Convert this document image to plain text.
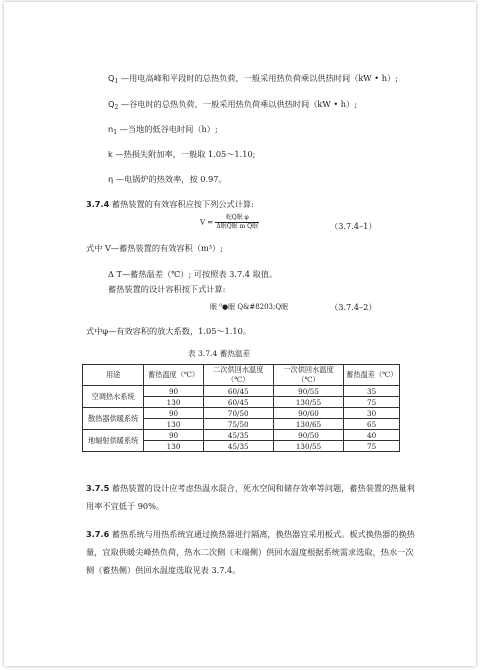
$Q_1$ —用电高峰和平段时的总热负荷，一般采用热负荷乘以供热时间（kW • h）;
$Q_2$ —谷电时的总热负荷，一般采用热负荷乘以供热时间（kW • h）;
$n_1$ —当地的低谷电时间（h）;
k —热损失附加率，一般取 1.05～1.10;
η —电锅炉的热效率，按 0.97。
3.7.4 蓄热装置的有效容积应按下列公式计算:
$V = \frac{\text{蛇Q眠 φ}}{\text{Δ眠Q眠 m Q眠}}$	（3.7.4–1）
式中 V—蓄热装置的有效容积（m³）;
Δ T—蓄热温差（℃）; 可按照表 3.7.4 取值。
蓄热装置的设计容积按下式计算:
眠 ⁰●眠 Q&#8203;Q眠	（3.7.4–2）
式中φ—有效容积的放大系数，1.05～1.10。
表 3.7.4 蓄热温差
用途	蓄热温度（℃）	二次供回水温度（℃）	一次供回水温度（℃）	蓄热温差（℃）
空调热水系统	90	60/45	90/55	35
	130	60/45	130/55	75
散热器供暖系统	90	70/50	90/60	30
	130	75/50	130/65	65
地辐射供暖系统	90	45/35	90/50	40
	130	45/35	130/55	75
3.7.5 蓄热装置的设计应考虑热温水混合、死水空间和储存效率等问题，蓄热装置的热量利
用率不宜低于 90%。
3.7.6 蓄热系统与用热系统宜通过换热器进行隔离，换热器宜采用板式。板式换热器的换热
量，宜取供暖尖峰热负荷，热水二次侧（末端侧）供回水温度根据系统需求选取，热水一次
侧（蓄热侧）供回水温度选取见表 3.7.4。
